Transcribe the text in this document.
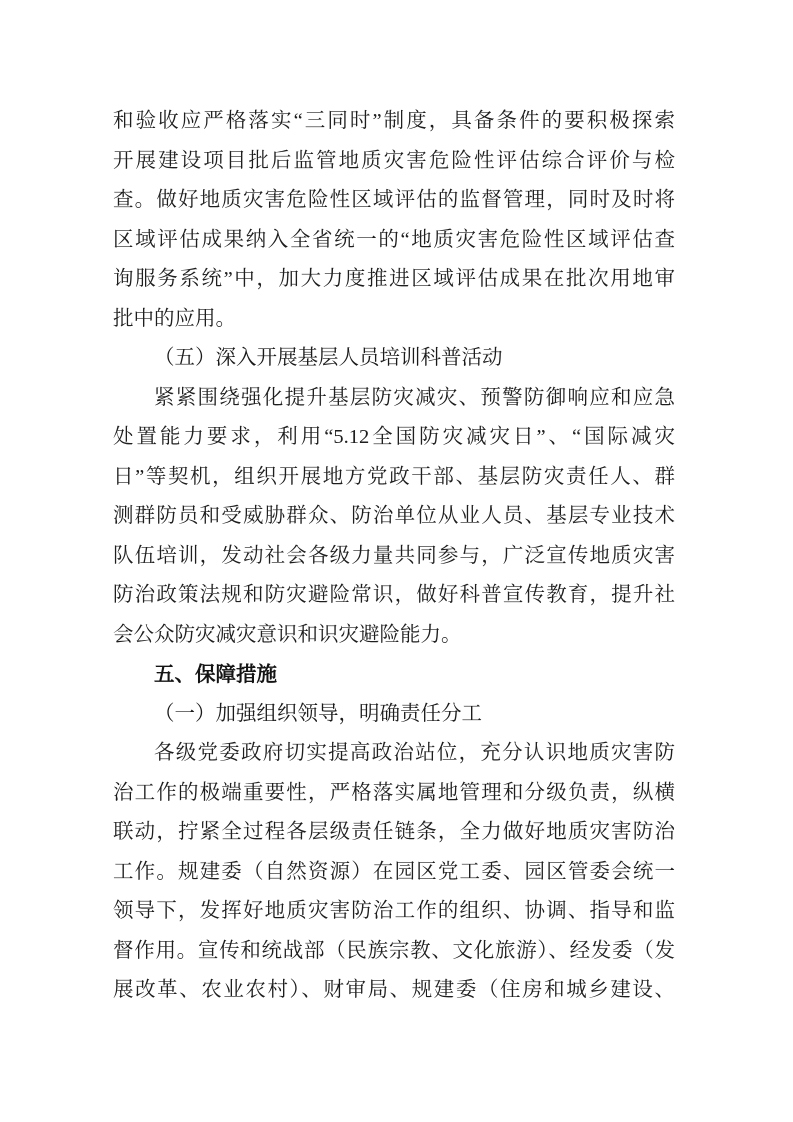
和验收应严格落实“三同时”制度，具备条件的要积极探索
开展建设项目批后监管地质灾害危险性评估综合评价与检
查。做好地质灾害危险性区域评估的监督管理，同时及时将
区域评估成果纳入全省统一的“地质灾害危险性区域评估查
询服务系统”中，加大力度推进区域评估成果在批次用地审
批中的应用。
（五）深入开展基层人员培训科普活动
紧紧围绕强化提升基层防灾减灾、预警防御响应和应急
处置能力要求，利用“5.12全国防灾减灾日”、“国际减灾
日”等契机，组织开展地方党政干部、基层防灾责任人、群
测群防员和受威胁群众、防治单位从业人员、基层专业技术
队伍培训，发动社会各级力量共同参与，广泛宣传地质灾害
防治政策法规和防灾避险常识，做好科普宣传教育，提升社
会公众防灾减灾意识和识灾避险能力。
五、保障措施
（一）加强组织领导，明确责任分工
各级党委政府切实提高政治站位，充分认识地质灾害防
治工作的极端重要性，严格落实属地管理和分级负责，纵横
联动，拧紧全过程各层级责任链条，全力做好地质灾害防治
工作。规建委（自然资源）在园区党工委、园区管委会统一
领导下，发挥好地质灾害防治工作的组织、协调、指导和监
督作用。宣传和统战部（民族宗教、文化旅游）、经发委（发
展改革、农业农村）、财审局、规建委（住房和城乡建设、
